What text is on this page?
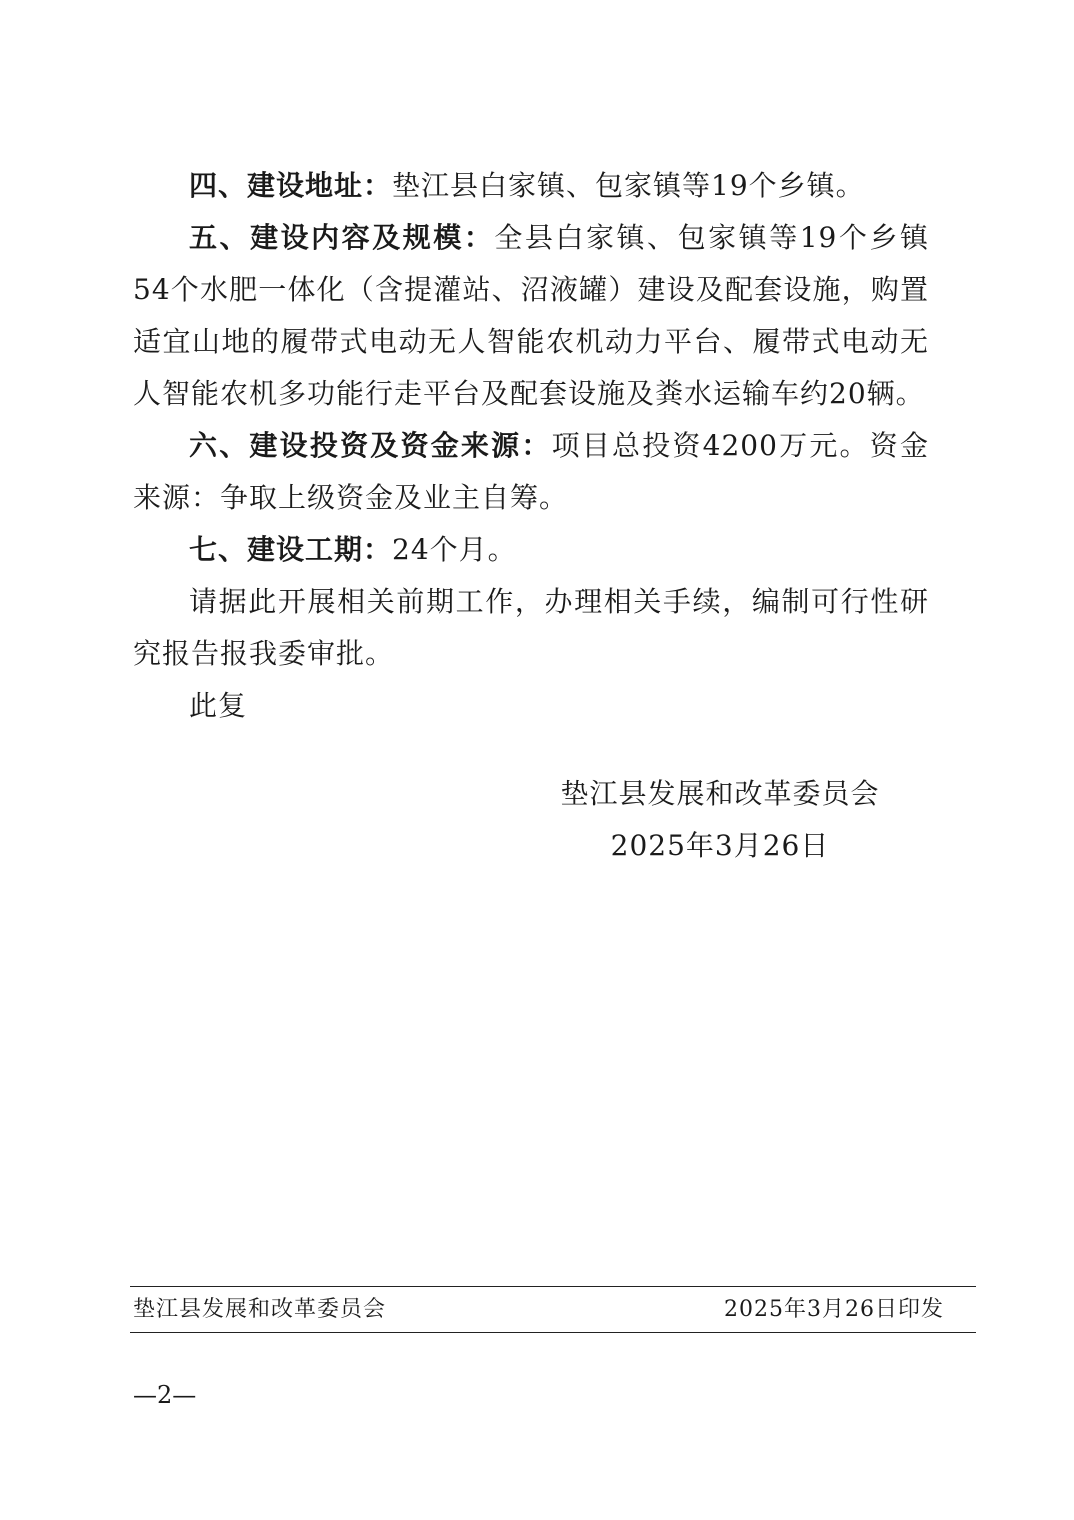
四、建设地址：垫江县白家镇、包家镇等19个乡镇。

五、建设内容及规模：全县白家镇、包家镇等19个乡镇54个水肥一体化（含提灌站、沼液罐）建设及配套设施，购置适宜山地的履带式电动无人智能农机动力平台、履带式电动无人智能农机多功能行走平台及配套设施及粪水运输车约20辆。

六、建设投资及资金来源：项目总投资4200万元。资金来源：争取上级资金及业主自筹。

七、建设工期：24个月。

请据此开展相关前期工作，办理相关手续，编制可行性研究报告报我委审批。

此复

垫江县发展和改革委员会
2025年3月26日
垫江县发展和改革委员会	2025年3月26日印发
—2—
